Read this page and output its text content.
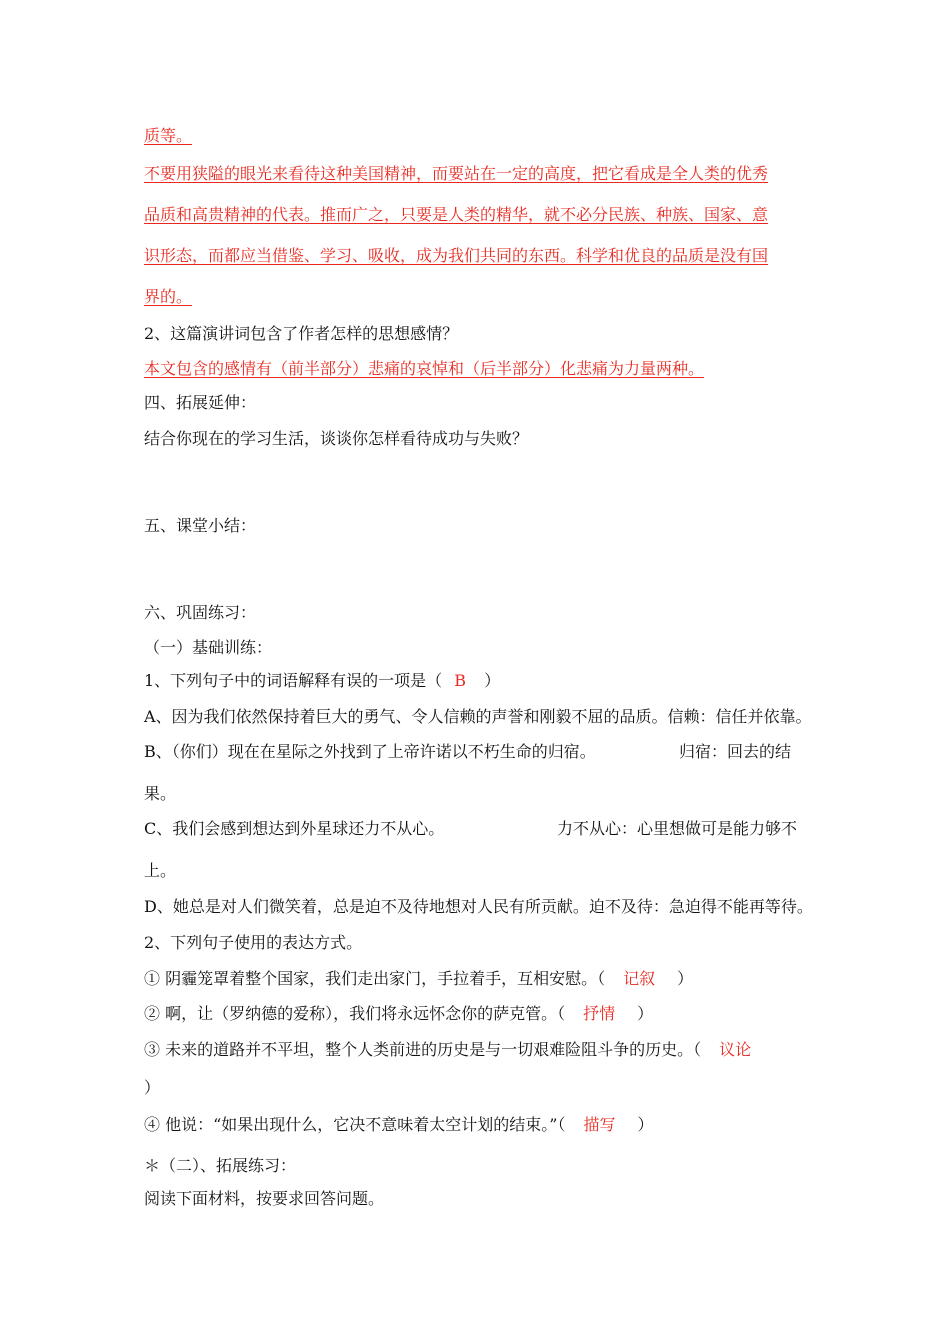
质等。
不要用狭隘的眼光来看待这种美国精神，而要站在一定的高度，把它看成是全人类的优秀
品质和高贵精神的代表。推而广之，只要是人类的精华，就不必分民族、种族、国家、意
识形态，而都应当借鉴、学习、吸收，成为我们共同的东西。科学和优良的品质是没有国
界的。
2、这篇演讲词包含了作者怎样的思想感情？
本文包含的感情有（前半部分）悲痛的哀悼和（后半部分）化悲痛为力量两种。
四、拓展延伸：
结合你现在的学习生活，谈谈你怎样看待成功与失败？
五、课堂小结：
六、巩固练习：
（一）基础训练：
1、下列句子中的词语解释有误的一项是（ B ）
A、因为我们依然保持着巨大的勇气、令人信赖的声誉和刚毅不屈的品质。信赖：信任并依靠。
B、（你们）现在在星际之外找到了上帝许诺以不朽生命的归宿。	归宿：回去的结
果。
C、我们会感到想达到外星球还力不从心。	力不从心：心里想做可是能力够不
上。
D、她总是对人们微笑着，总是迫不及待地想对人民有所贡献。迫不及待：急迫得不能再等待。
2、下列句子使用的表达方式。
① 阴霾笼罩着整个国家，我们走出家门，手拉着手，互相安慰。（ 记叙 ）
② 啊，让（罗纳德的爱称），我们将永远怀念你的萨克管。（ 抒情 ）
③ 未来的道路并不平坦，整个人类前进的历史是与一切艰难险阻斗争的历史。（ 议论
）
④ 他说：“如果出现什么，它决不意味着太空计划的结束。”（ 描写 ）
＊（二）、拓展练习：
阅读下面材料，按要求回答问题。
